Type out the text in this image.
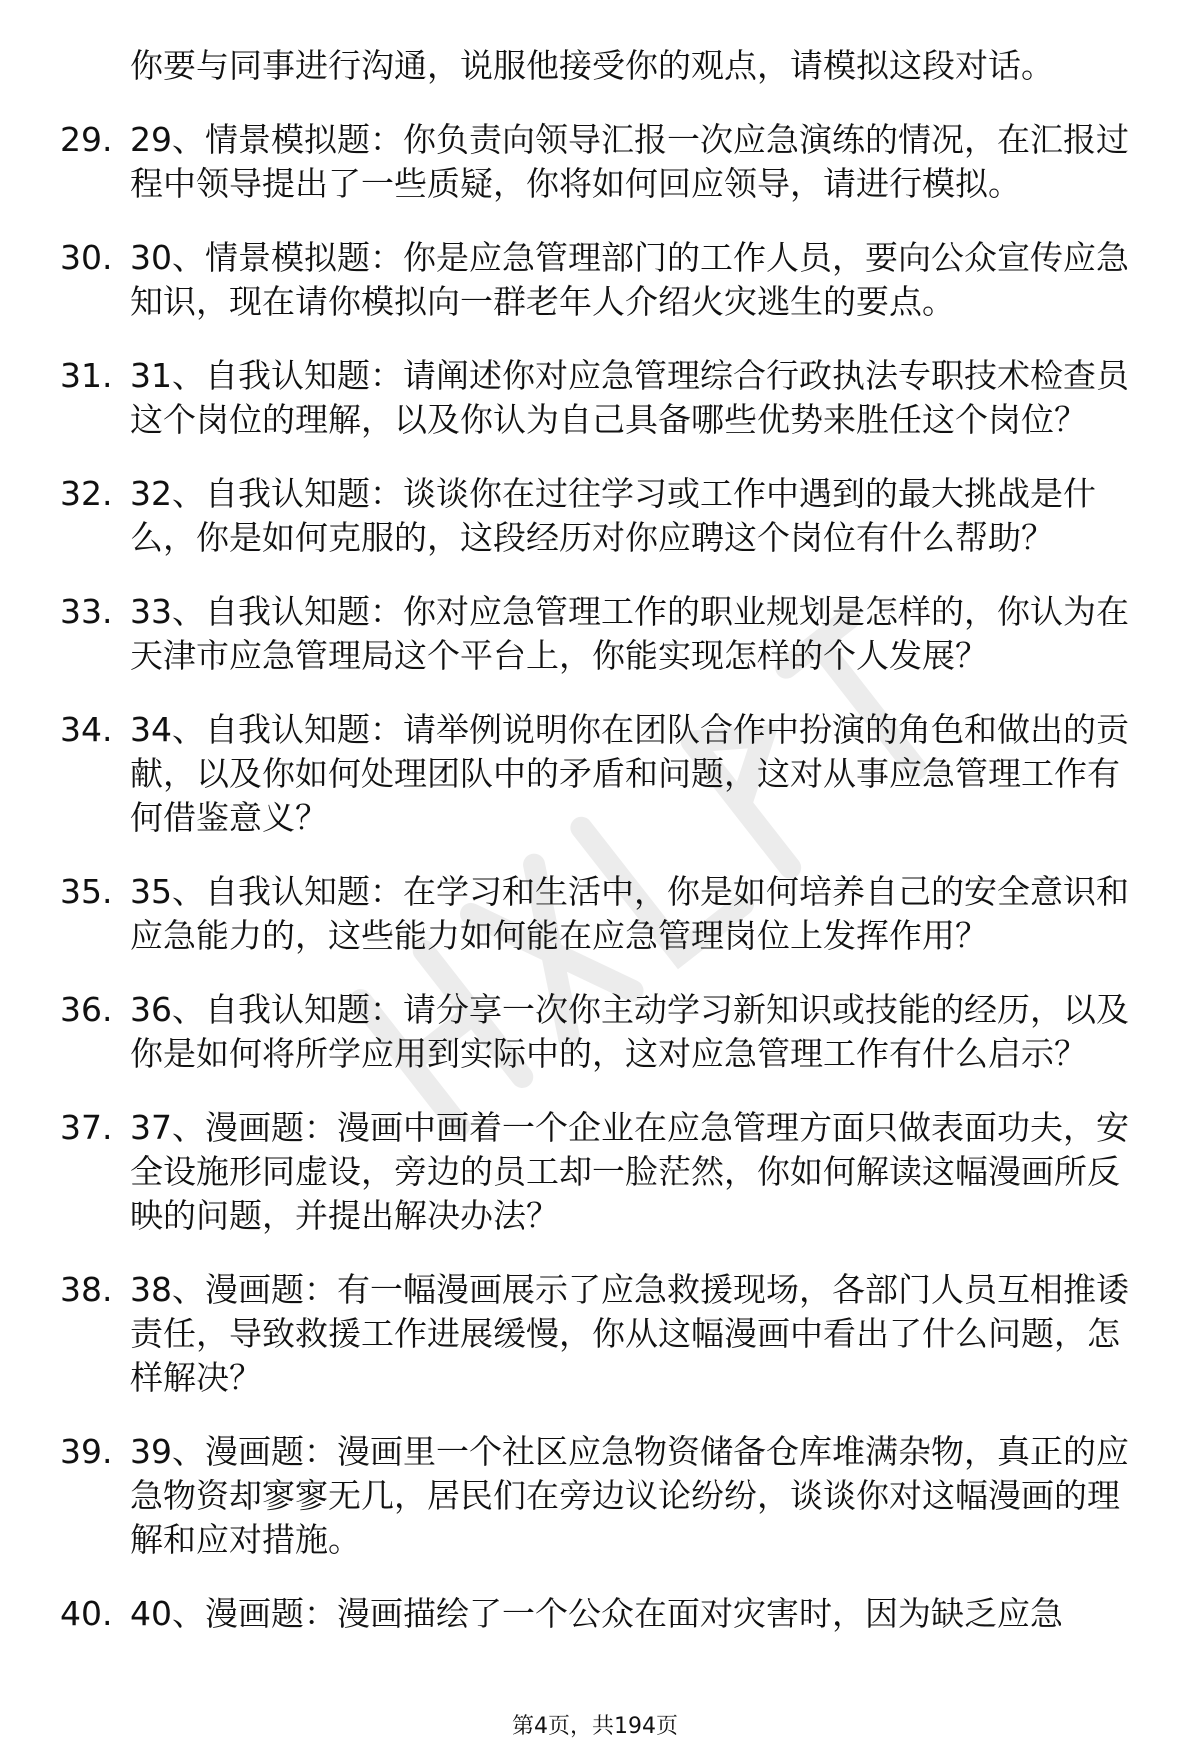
你要与同事进行沟通，说服他接受你的观点，请模拟这段对话。
29. 29、情景模拟题：你负责向领导汇报一次应急演练的情况，在汇报过程中领导提出了一些质疑，你将如何回应领导，请进行模拟。
30. 30、情景模拟题：你是应急管理部门的工作人员，要向公众宣传应急知识，现在请你模拟向一群老年人介绍火灾逃生的要点。
31. 31、自我认知题：请阐述你对应急管理综合行政执法专职技术检查员这个岗位的理解，以及你认为自己具备哪些优势来胜任这个岗位？
32. 32、自我认知题：谈谈你在过往学习或工作中遇到的最大挑战是什么，你是如何克服的，这段经历对你应聘这个岗位有什么帮助？
33. 33、自我认知题：你对应急管理工作的职业规划是怎样的，你认为在天津市应急管理局这个平台上，你能实现怎样的个人发展？
34. 34、自我认知题：请举例说明你在团队合作中扮演的角色和做出的贡献，以及你如何处理团队中的矛盾和问题，这对从事应急管理工作有何借鉴意义？
35. 35、自我认知题：在学习和生活中，你是如何培养自己的安全意识和应急能力的，这些能力如何能在应急管理岗位上发挥作用？
36. 36、自我认知题：请分享一次你主动学习新知识或技能的经历，以及你是如何将所学应用到实际中的，这对应急管理工作有什么启示？
37. 37、漫画题：漫画中画着一个企业在应急管理方面只做表面功夫，安全设施形同虚设，旁边的员工却一脸茫然，你如何解读这幅漫画所反映的问题，并提出解决办法？
38. 38、漫画题：有一幅漫画展示了应急救援现场，各部门人员互相推诿责任，导致救援工作进展缓慢，你从这幅漫画中看出了什么问题，怎样解决？
39. 39、漫画题：漫画里一个社区应急物资储备仓库堆满杂物，真正的应急物资却寥寥无几，居民们在旁边议论纷纷，谈谈你对这幅漫画的理解和应对措施。
40. 40、漫画题：漫画描绘了一个公众在面对灾害时，因为缺乏应急
第4页，共194页
